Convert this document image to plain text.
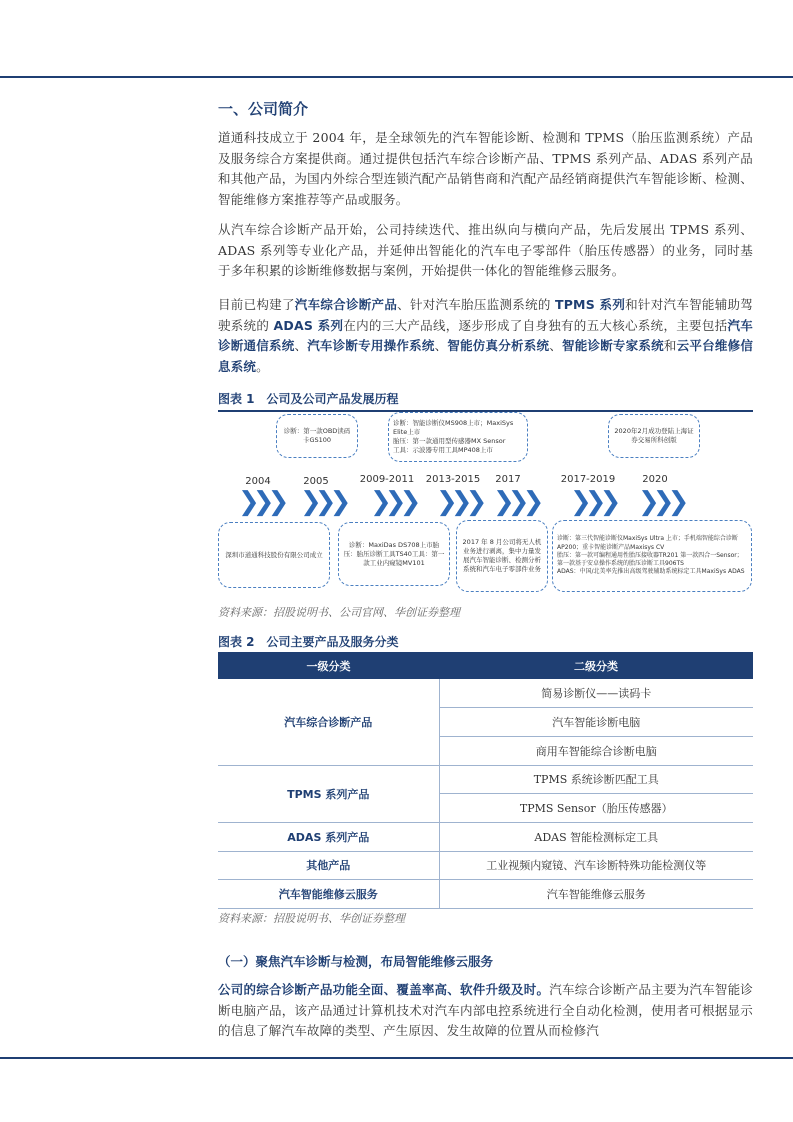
一、公司简介

道通科技成立于 2004 年，是全球领先的汽车智能诊断、检测和 TPMS（胎压监测系统）产品及服务综合方案提供商。通过提供包括汽车综合诊断产品、TPMS 系列产品、ADAS 系列产品和其他产品，为国内外综合型连锁汽配产品销售商和汽配产品经销商提供汽车智能诊断、检测、智能维修方案推荐等产品或服务。

从汽车综合诊断产品开始，公司持续迭代、推出纵向与横向产品，先后发展出 TPMS 系列、ADAS 系列等专业化产品，并延伸出智能化的汽车电子零部件（胎压传感器）的业务，同时基于多年积累的诊断维修数据与案例，开始提供一体化的智能维修云服务。

目前已构建了汽车综合诊断产品、针对汽车胎压监测系统的 TPMS 系列和针对汽车智能辅助驾驶系统的 ADAS 系列在内的三大产品线，逐步形成了自身独有的五大核心系统，主要包括汽车诊断通信系统、汽车诊断专用操作系统、智能仿真分析系统、智能诊断专家系统和云平台维修信息系统。

图表 1　公司及公司产品发展历程
诊断：第一款OBD读码卡GS100
诊断：智能诊断仪MS908上市；MaxiSys Elite上市
胎压：第一款通用型传感器MX Sensor
工具：示波器专用工具MP408上市
2020年2月成功登陆上海证券交易所科创版
2004	2005	2009-2011 2013-2015	2017	2017-2019	2020
❯❯❯ ❯❯❯ ❯❯❯ ❯❯❯ ❯❯❯ ❯❯❯ ❯❯❯
深圳市道通科技股份有限公司成立
诊断：MaxiDas DS708上市胎压：胎压诊断工具TS40工具：第一款工业内窥镜MV101
2017 年 8 月公司将无人机业务进行剥离，集中力量发展汽车智能诊断、检测分析系统和汽车电子零部件业务
诊断：第三代智能诊断仪MaxiSys Ultra 上市；手机端智能综合诊断AP200；重卡智能诊断产品Maxisys CV
胎压：第一款可编程通用性胎压接收器TR201 第一款四合一Sensor；第一款基于安卓操作系统的胎压诊断工具906TS
ADAS：中国/北美率先推出高级驾驶辅助系统标定工具MaxiSys ADAS
资料来源：招股说明书、公司官网、华创证券整理
图表 2　公司主要产品及服务分类
一级分类	二级分类
汽车综合诊断产品	简易诊断仪——读码卡
	汽车智能诊断电脑
	商用车智能综合诊断电脑
TPMS 系列产品	TPMS 系统诊断匹配工具
	TPMS Sensor（胎压传感器）
ADAS 系列产品	ADAS 智能检测标定工具
其他产品	工业视频内窥镜、汽车诊断特殊功能检测仪等
汽车智能维修云服务	汽车智能维修云服务
资料来源：招股说明书、华创证券整理
（一）聚焦汽车诊断与检测，布局智能维修云服务

公司的综合诊断产品功能全面、覆盖率高、软件升级及时。汽车综合诊断产品主要为汽车智能诊断电脑产品，该产品通过计算机技术对汽车内部电控系统进行全自动化检测，使用者可根据显示的信息了解汽车故障的类型、产生原因、发生故障的位置从而检修汽
